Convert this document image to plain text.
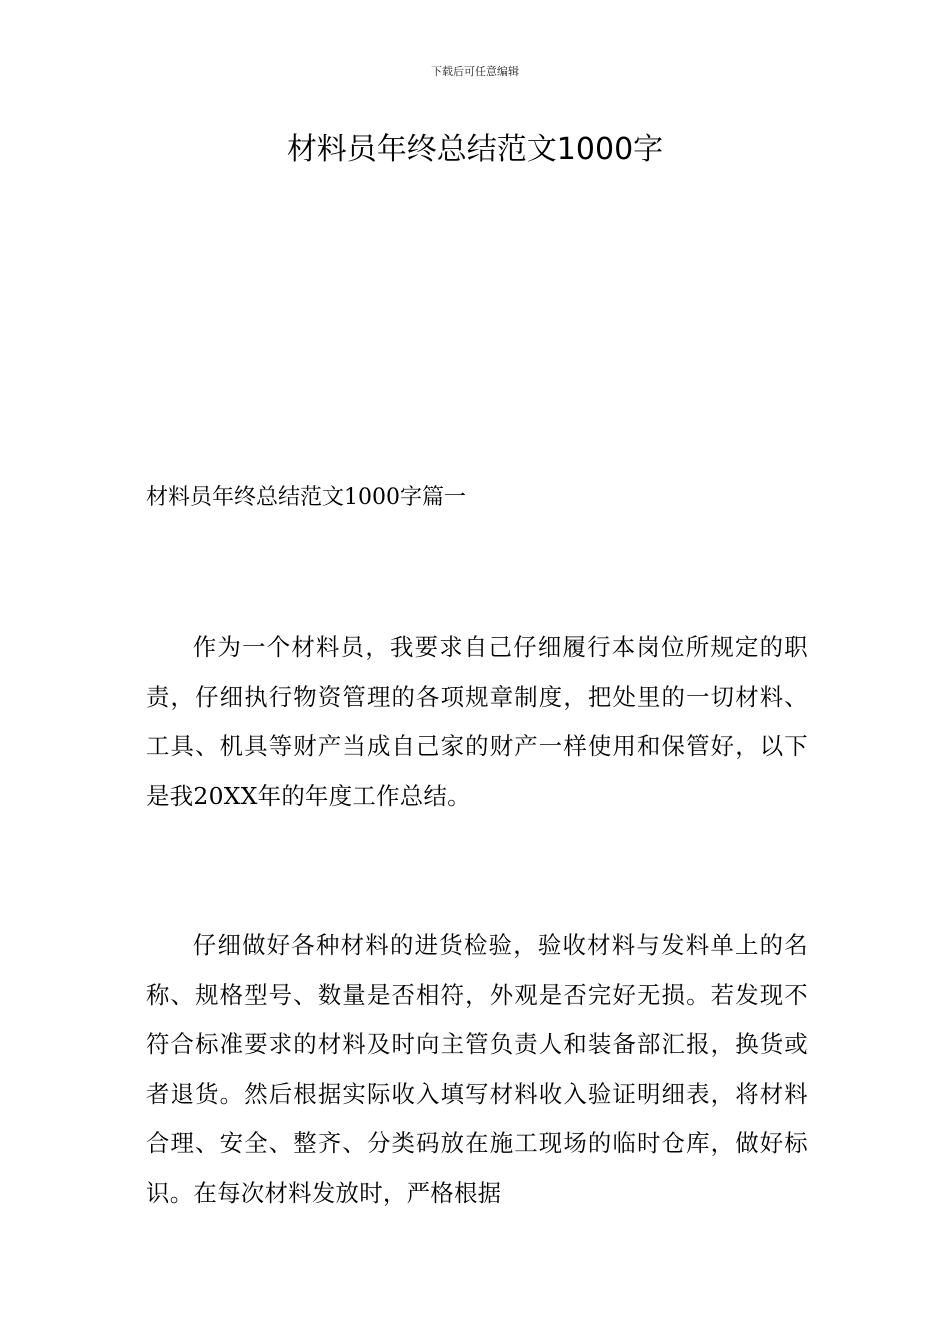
下载后可任意编辑
材料员年终总结范文1000字
材料员年终总结范文1000字篇一

作为一个材料员，我要求自己仔细履行本岗位所规定的职责，仔细执行物资管理的各项规章制度，把处里的一切材料、工具、机具等财产当成自己家的财产一样使用和保管好，以下是我20XX年的年度工作总结。

仔细做好各种材料的进货检验，验收材料与发料单上的名称、规格型号、数量是否相符，外观是否完好无损。若发现不符合标准要求的材料及时向主管负责人和装备部汇报，换货或者退货。然后根据实际收入填写材料收入验证明细表，将材料合理、安全、整齐、分类码放在施工现场的临时仓库，做好标识。在每次材料发放时，严格根据
